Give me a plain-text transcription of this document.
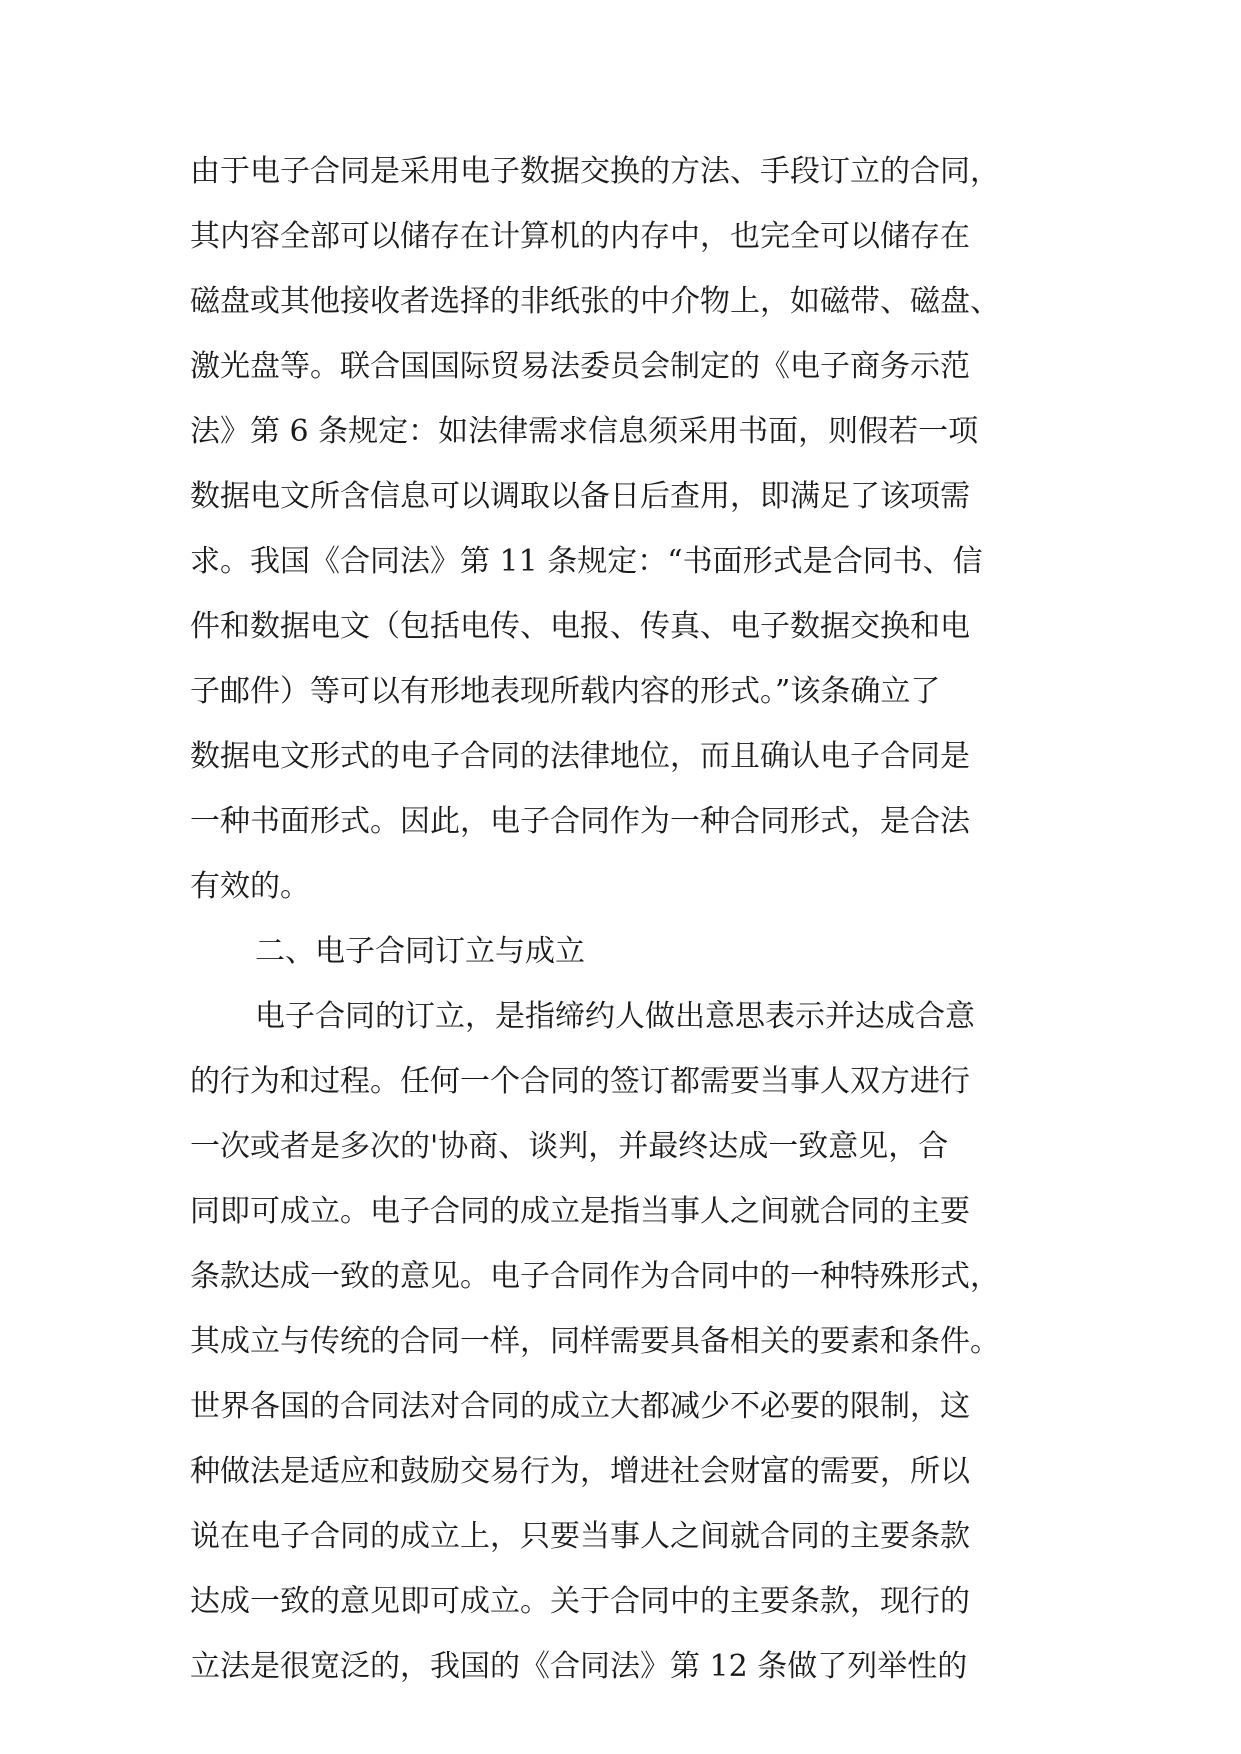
由于电子合同是采用电子数据交换的方法、手段订立的合同，
其内容全部可以储存在计算机的内存中，也完全可以储存在
磁盘或其他接收者选择的非纸张的中介物上，如磁带、磁盘、
激光盘等。联合国国际贸易法委员会制定的《电子商务示范
法》第 6 条规定：如法律需求信息须采用书面，则假若一项
数据电文所含信息可以调取以备日后查用，即满足了该项需
求。我国《合同法》第 11 条规定：“书面形式是合同书、信
件和数据电文（包括电传、电报、传真、电子数据交换和电
子邮件）等可以有形地表现所载内容的形式。”该条确立了
数据电文形式的电子合同的法律地位，而且确认电子合同是
一种书面形式。因此，电子合同作为一种合同形式，是合法
有效的。
二、电子合同订立与成立
电子合同的订立，是指缔约人做出意思表示并达成合意
的行为和过程。任何一个合同的签订都需要当事人双方进行
一次或者是多次的'协商、谈判，并最终达成一致意见，合
同即可成立。电子合同的成立是指当事人之间就合同的主要
条款达成一致的意见。电子合同作为合同中的一种特殊形式，
其成立与传统的合同一样，同样需要具备相关的要素和条件。
世界各国的合同法对合同的成立大都减少不必要的限制，这
种做法是适应和鼓励交易行为，增进社会财富的需要，所以
说在电子合同的成立上，只要当事人之间就合同的主要条款
达成一致的意见即可成立。关于合同中的主要条款，现行的
立法是很宽泛的，我国的《合同法》第 12 条做了列举性的
